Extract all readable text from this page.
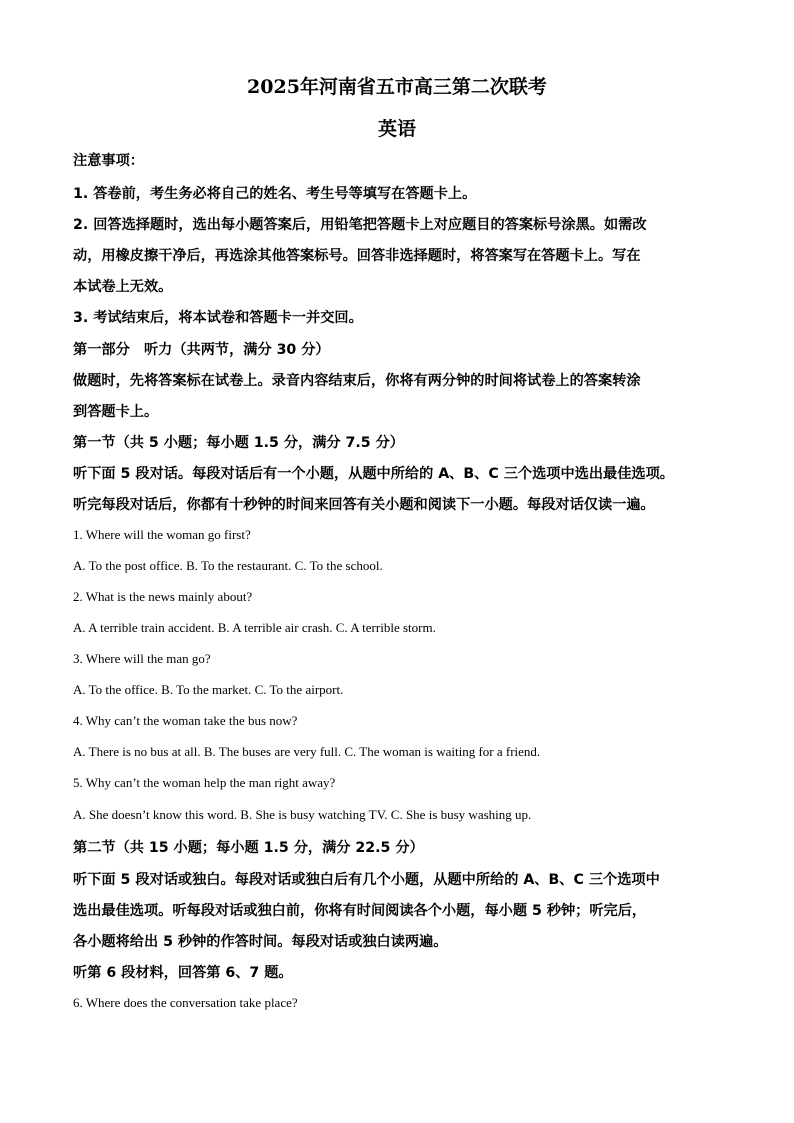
2025年河南省五市高三第二次联考
英语
注意事项：
1. 答卷前，考生务必将自己的姓名、考生号等填写在答题卡上。
2. 回答选择题时，选出每小题答案后，用铅笔把答题卡上对应题目的答案标号涂黑。如需改
动，用橡皮擦干净后，再选涂其他答案标号。回答非选择题时，将答案写在答题卡上。写在
本试卷上无效。
3. 考试结束后，将本试卷和答题卡一并交回。
第一部分　听力（共两节，满分 30 分）
做题时，先将答案标在试卷上。录音内容结束后，你将有两分钟的时间将试卷上的答案转涂
到答题卡上。
第一节（共 5 小题；每小题 1.5 分，满分 7.5 分）
听下面 5 段对话。每段对话后有一个小题，从题中所给的 A、B、C 三个选项中选出最佳选项。
听完每段对话后，你都有十秒钟的时间来回答有关小题和阅读下一小题。每段对话仅读一遍。
1. Where will the woman go first?
A. To the post office. B. To the restaurant. C. To the school.
2. What is the news mainly about?
A. A terrible train accident. B. A terrible air crash. C. A terrible storm.
3. Where will the man go?
A. To the office. B. To the market. C. To the airport.
4. Why can’t the woman take the bus now?
A. There is no bus at all. B. The buses are very full. C. The woman is waiting for a friend.
5. Why can’t the woman help the man right away?
A. She doesn’t know this word. B. She is busy watching TV. C. She is busy washing up.
第二节（共 15 小题；每小题 1.5 分，满分 22.5 分）
听下面 5 段对话或独白。每段对话或独白后有几个小题，从题中所给的 A、B、C 三个选项中
选出最佳选项。听每段对话或独白前，你将有时间阅读各个小题，每小题 5 秒钟；听完后，
各小题将给出 5 秒钟的作答时间。每段对话或独白读两遍。
听第 6 段材料，回答第 6、7 题。
6. Where does the conversation take place?
